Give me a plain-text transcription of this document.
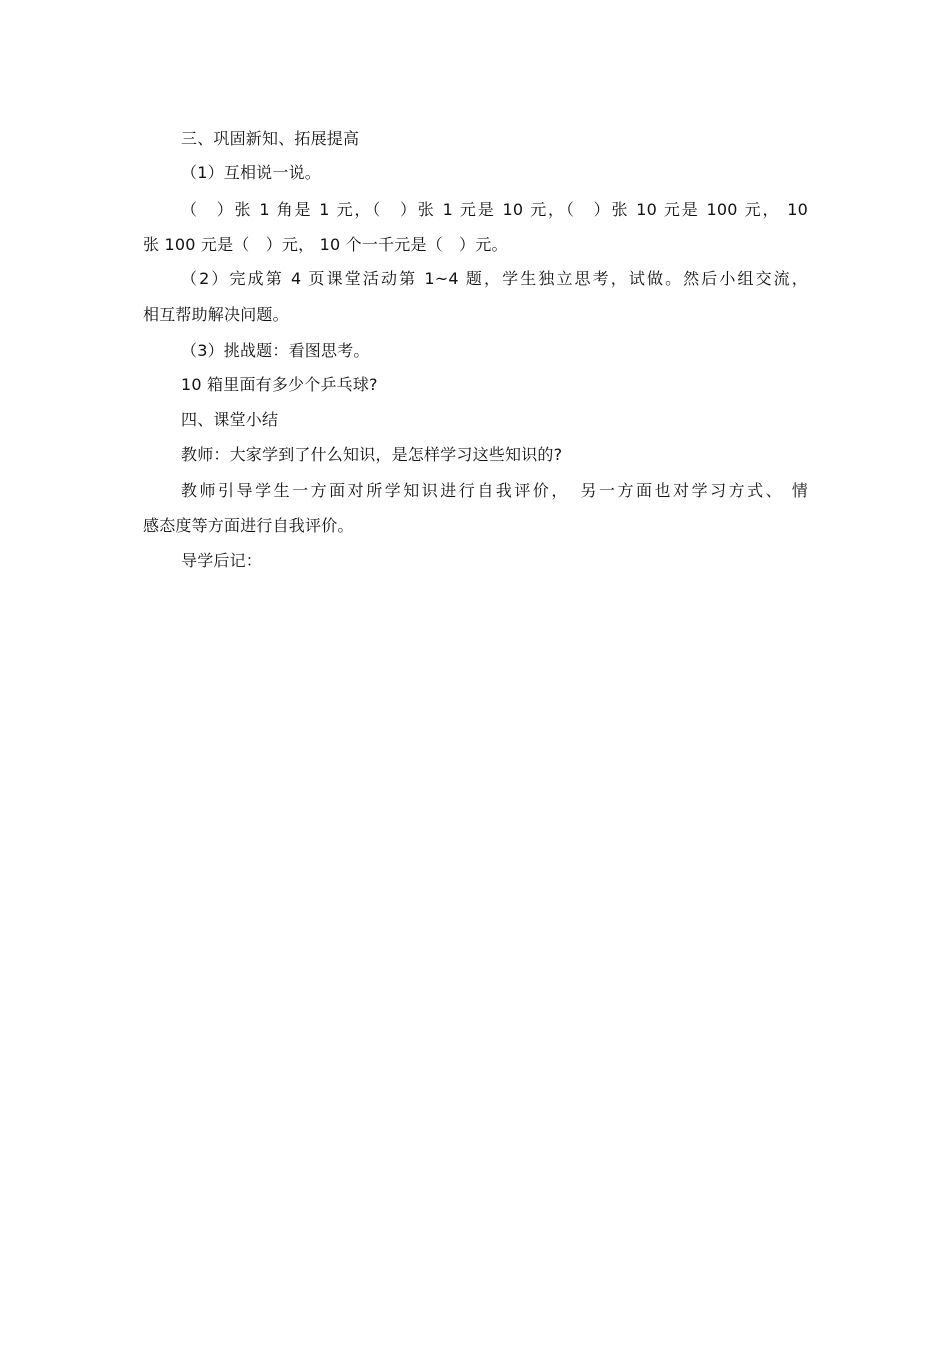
三、巩固新知、拓展提高
（1）互相说一说。
（　）张 1 角是 1 元，（　）张 1 元是 10 元，（　）张 10 元是 100 元， 10
张 100 元是（　）元， 10 个一千元是（　）元。
（2）完成第 4 页课堂活动第 1~4 题，学生独立思考，试做。然后小组交流，
相互帮助解决问题。
（3）挑战题：看图思考。
10 箱里面有多少个乒乓球?
四、课堂小结
教师：大家学到了什么知识，是怎样学习这些知识的?
教师引导学生一方面对所学知识进行自我评价，　另一方面也对学习方式、 情
感态度等方面进行自我评价。
导学后记：
